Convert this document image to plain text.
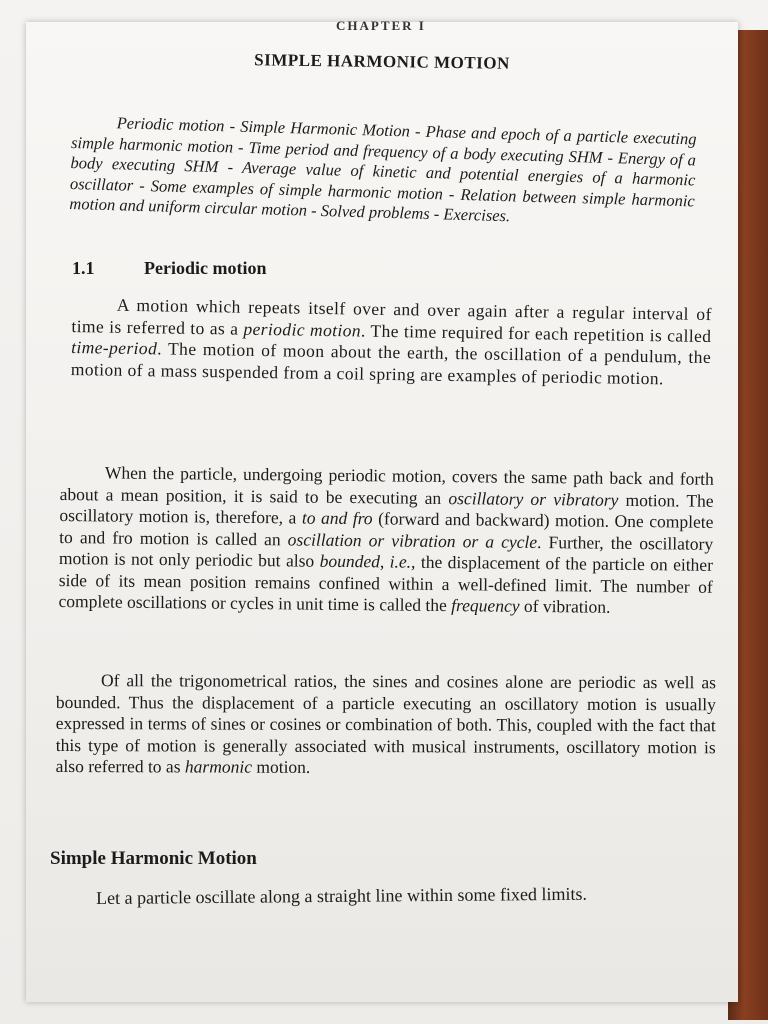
CHAPTER I
SIMPLE HARMONIC MOTION
Periodic motion - Simple Harmonic Motion - Phase and epoch of a particle executing simple harmonic motion - Time period and frequency of a body executing SHM - Energy of a body executing SHM - Average value of kinetic and potential energies of a harmonic oscillator - Some examples of simple harmonic motion - Relation between simple harmonic motion and uniform circular motion - Solved problems - Exercises.
1.1	Periodic motion
A motion which repeats itself over and over again after a regular interval of time is referred to as a periodic motion. The time required for each repetition is called time-period. The motion of moon about the earth, the oscillation of a pendulum, the motion of a mass suspended from a coil spring are examples of periodic motion.
When the particle, undergoing periodic motion, covers the same path back and forth about a mean position, it is said to be executing an oscillatory or vibratory motion. The oscillatory motion is, therefore, a to and fro (forward and backward) motion. One complete to and fro motion is called an oscillation or vibration or a cycle. Further, the oscillatory motion is not only periodic but also bounded, i.e., the displacement of the particle on either side of its mean position remains confined within a well-defined limit. The number of complete oscillations or cycles in unit time is called the frequency of vibration.
Of all the trigonometrical ratios, the sines and cosines alone are periodic as well as bounded. Thus the displacement of a particle executing an oscillatory motion is usually expressed in terms of sines or cosines or combination of both. This, coupled with the fact that this type of motion is generally associated with musical instruments, oscillatory motion is also referred to as harmonic motion.
Simple Harmonic Motion
Let a particle oscillate along a straight line within some fixed limits.
